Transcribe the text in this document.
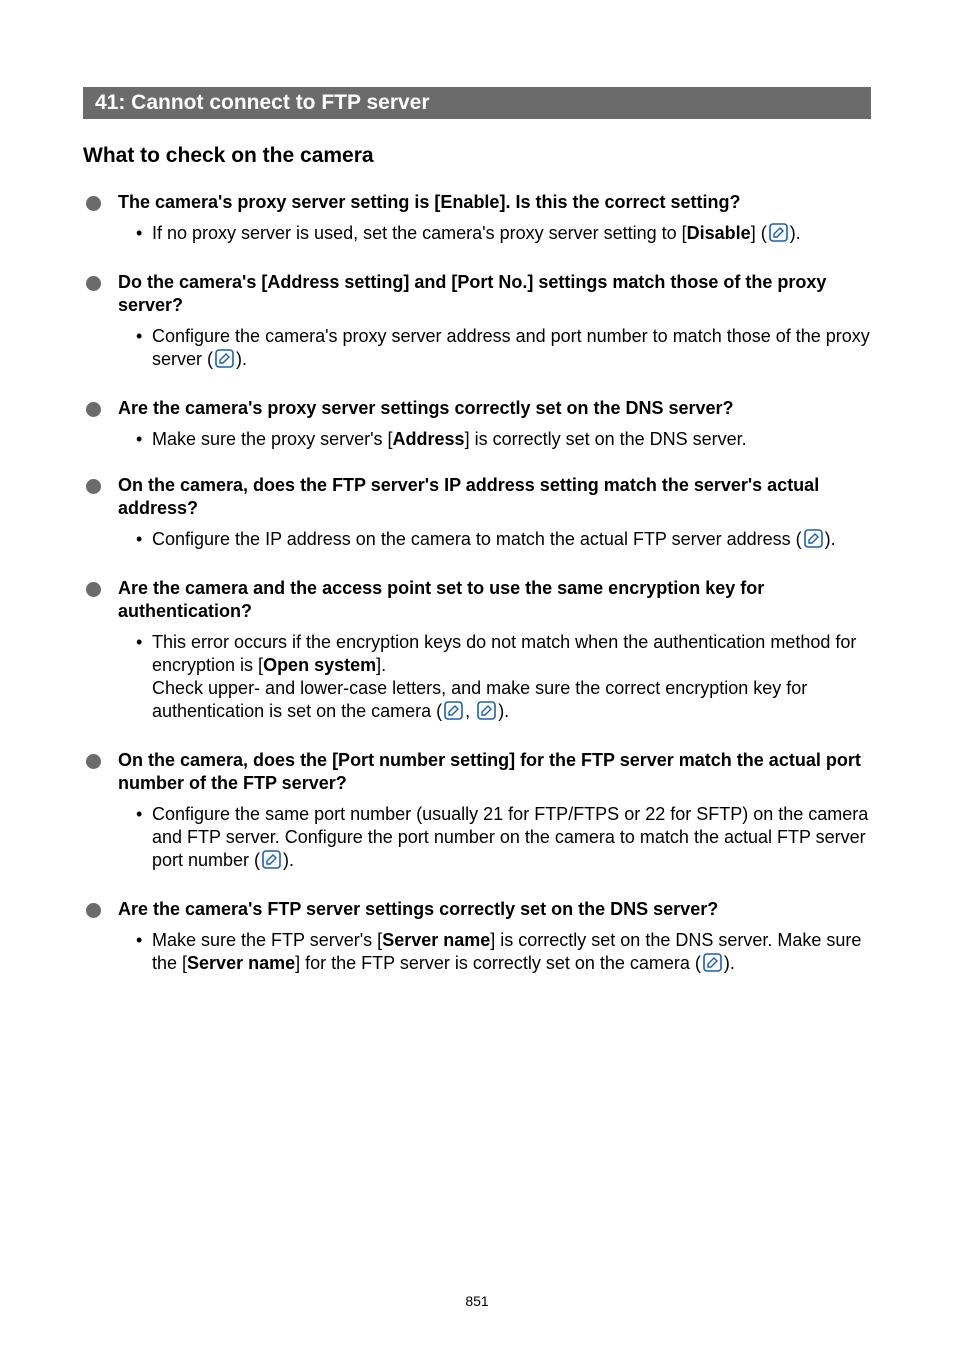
41: Cannot connect to FTP server
What to check on the camera
The camera's proxy server setting is [Enable]. Is this the correct setting?
• If no proxy server is used, set the camera's proxy server setting to [Disable] ( ).
Do the camera's [Address setting] and [Port No.] settings match those of the proxy server?
• Configure the camera's proxy server address and port number to match those of the proxy server ( ).
Are the camera's proxy server settings correctly set on the DNS server?
• Make sure the proxy server's [Address] is correctly set on the DNS server.
On the camera, does the FTP server's IP address setting match the server's actual address?
• Configure the IP address on the camera to match the actual FTP server address ( ).
Are the camera and the access point set to use the same encryption key for authentication?
• This error occurs if the encryption keys do not match when the authentication method for encryption is [Open system].
Check upper- and lower-case letters, and make sure the correct encryption key for authentication is set on the camera ( , ).
On the camera, does the [Port number setting] for the FTP server match the actual port number of the FTP server?
• Configure the same port number (usually 21 for FTP/FTPS or 22 for SFTP) on the camera and FTP server. Configure the port number on the camera to match the actual FTP server port number ( ).
Are the camera's FTP server settings correctly set on the DNS server?
• Make sure the FTP server's [Server name] is correctly set on the DNS server. Make sure the [Server name] for the FTP server is correctly set on the camera ( ).
851
